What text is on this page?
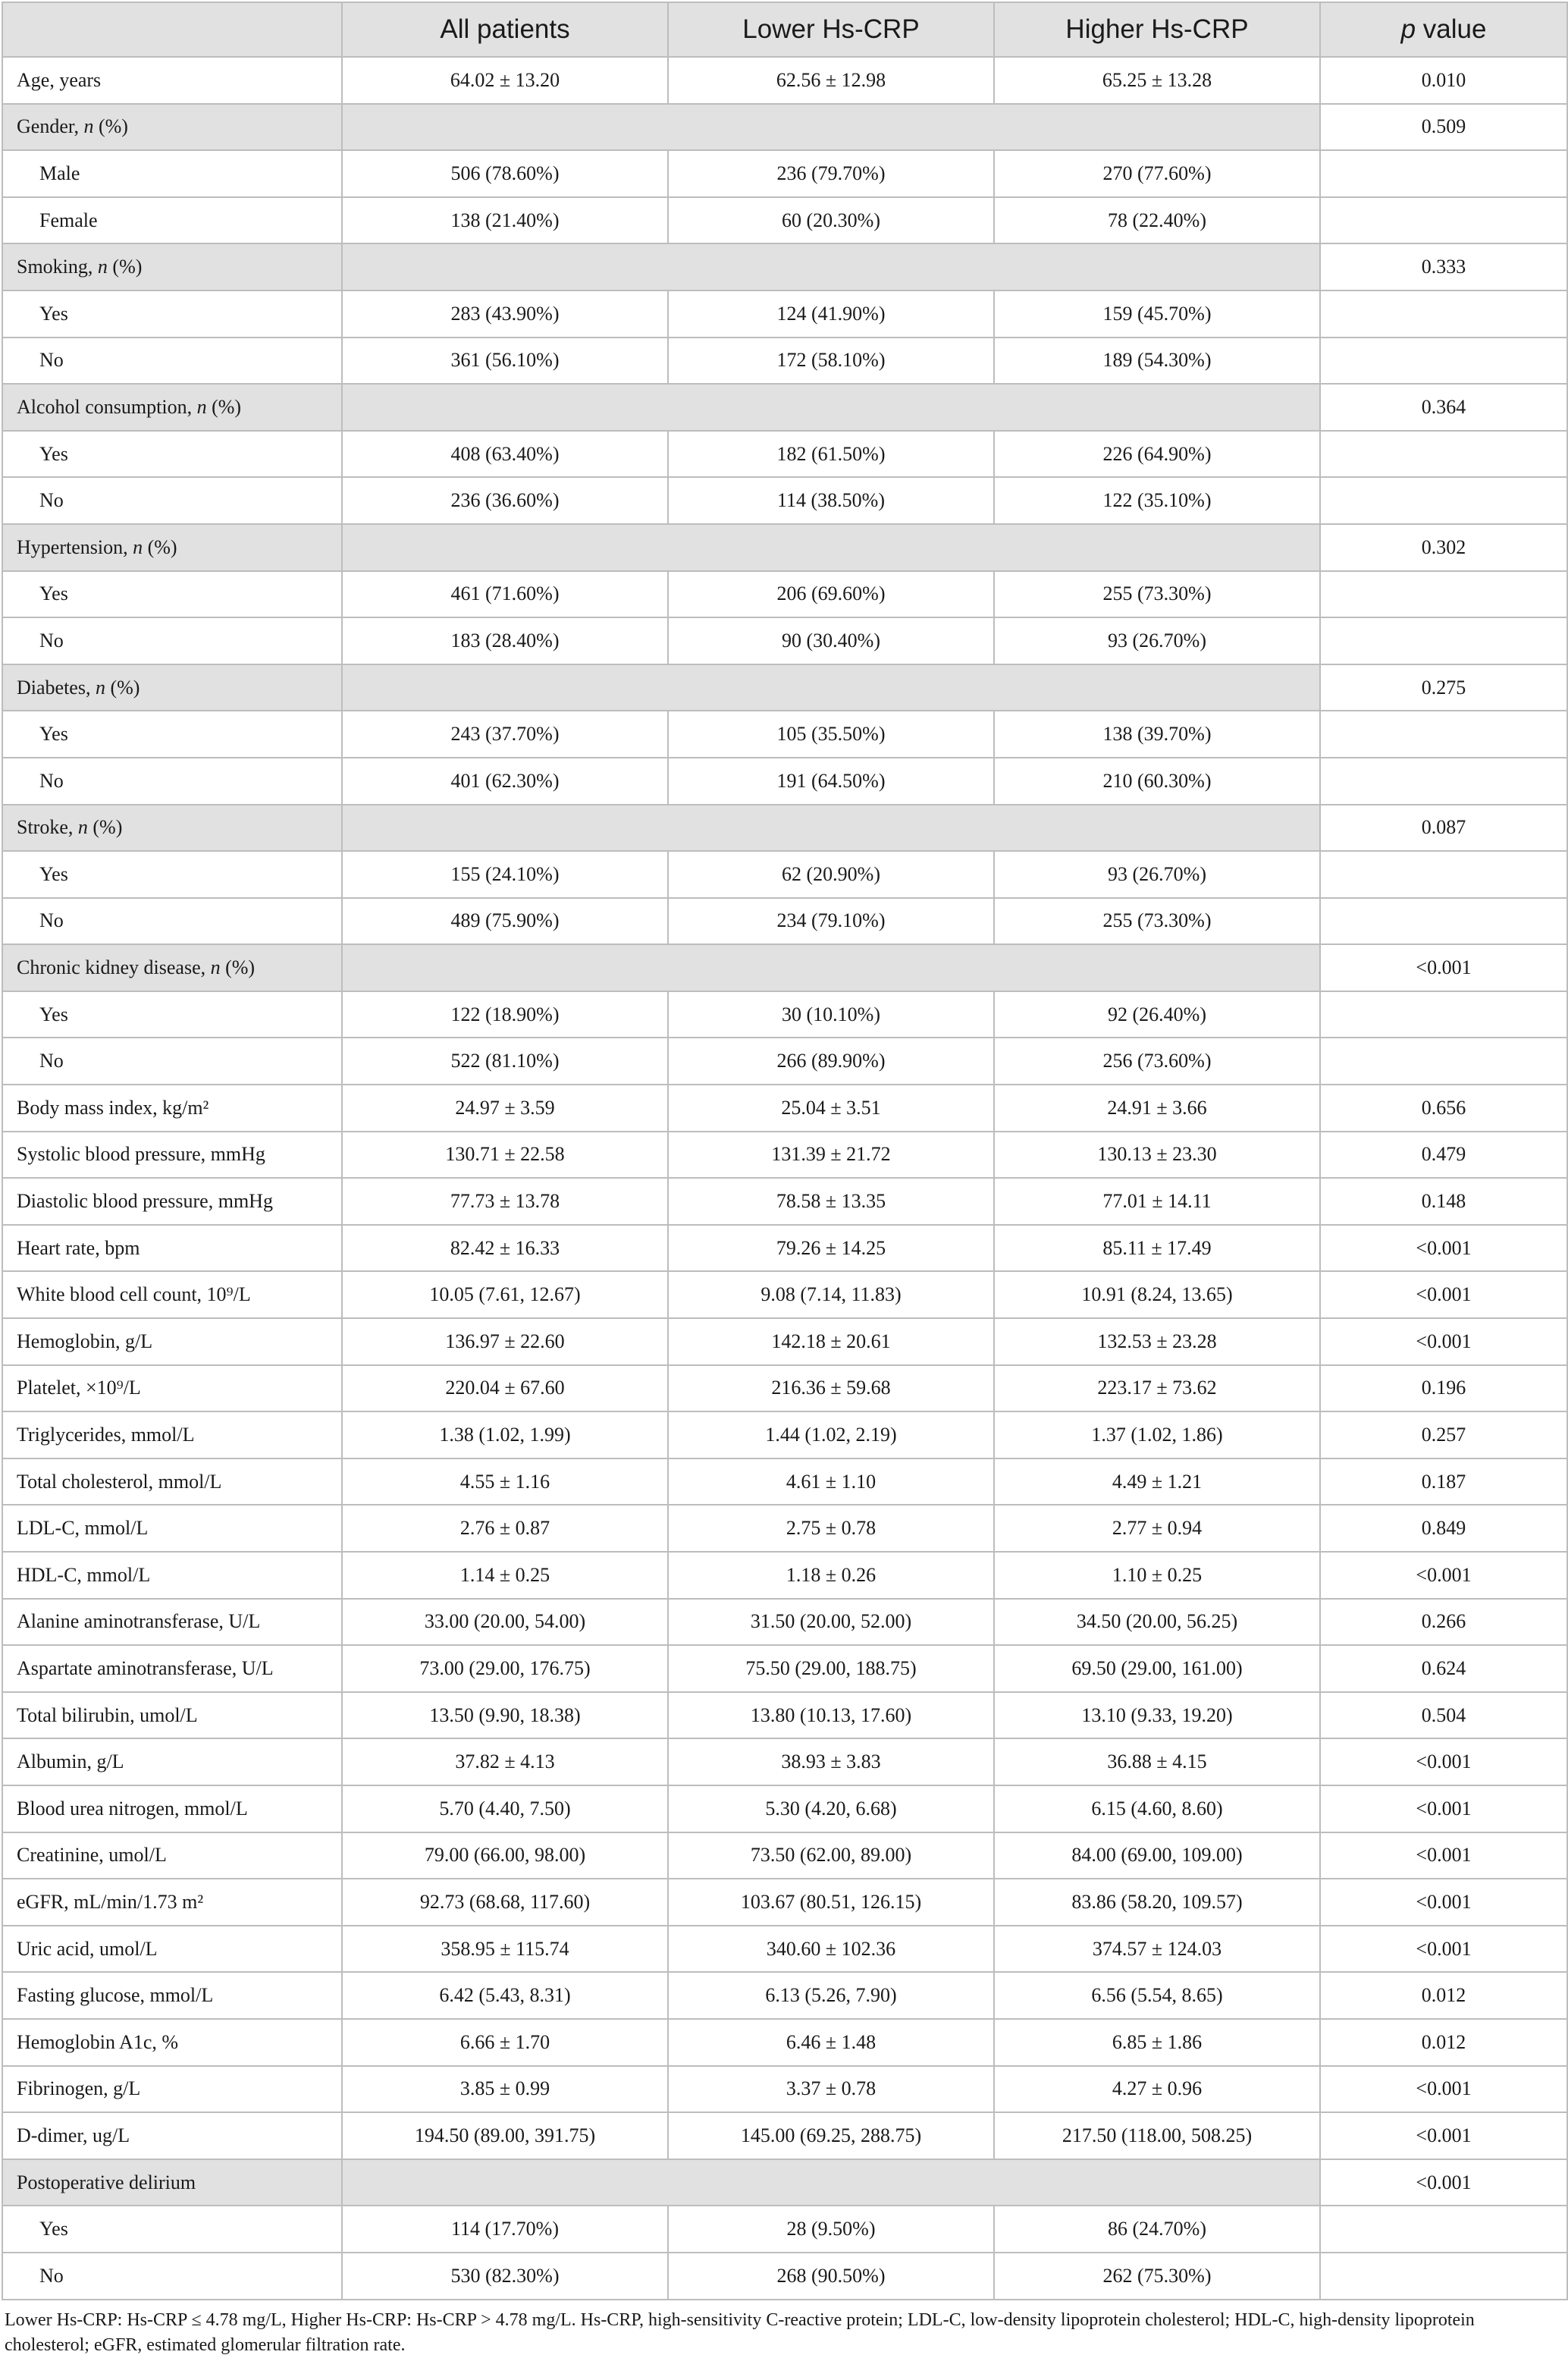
	All patients	Lower Hs-CRP	Higher Hs-CRP	p value
Age, years	64.02 ± 13.20	62.56 ± 12.98	65.25 ± 13.28	0.010
Gender, n (%)				0.509
Male	506 (78.60%)	236 (79.70%)	270 (77.60%)	
Female	138 (21.40%)	60 (20.30%)	78 (22.40%)	
Smoking, n (%)				0.333
Yes	283 (43.90%)	124 (41.90%)	159 (45.70%)	
No	361 (56.10%)	172 (58.10%)	189 (54.30%)	
Alcohol consumption, n (%)				0.364
Yes	408 (63.40%)	182 (61.50%)	226 (64.90%)	
No	236 (36.60%)	114 (38.50%)	122 (35.10%)	
Hypertension, n (%)				0.302
Yes	461 (71.60%)	206 (69.60%)	255 (73.30%)	
No	183 (28.40%)	90 (30.40%)	93 (26.70%)	
Diabetes, n (%)				0.275
Yes	243 (37.70%)	105 (35.50%)	138 (39.70%)	
No	401 (62.30%)	191 (64.50%)	210 (60.30%)	
Stroke, n (%)				0.087
Yes	155 (24.10%)	62 (20.90%)	93 (26.70%)	
No	489 (75.90%)	234 (79.10%)	255 (73.30%)	
Chronic kidney disease, n (%)				<0.001
Yes	122 (18.90%)	30 (10.10%)	92 (26.40%)	
No	522 (81.10%)	266 (89.90%)	256 (73.60%)	
Body mass index, kg/m²	24.97 ± 3.59	25.04 ± 3.51	24.91 ± 3.66	0.656
Systolic blood pressure, mmHg	130.71 ± 22.58	131.39 ± 21.72	130.13 ± 23.30	0.479
Diastolic blood pressure, mmHg	77.73 ± 13.78	78.58 ± 13.35	77.01 ± 14.11	0.148
Heart rate, bpm	82.42 ± 16.33	79.26 ± 14.25	85.11 ± 17.49	<0.001
White blood cell count, 10⁹/L	10.05 (7.61, 12.67)	9.08 (7.14, 11.83)	10.91 (8.24, 13.65)	<0.001
Hemoglobin, g/L	136.97 ± 22.60	142.18 ± 20.61	132.53 ± 23.28	<0.001
Platelet, ×10⁹/L	220.04 ± 67.60	216.36 ± 59.68	223.17 ± 73.62	0.196
Triglycerides, mmol/L	1.38 (1.02, 1.99)	1.44 (1.02, 2.19)	1.37 (1.02, 1.86)	0.257
Total cholesterol, mmol/L	4.55 ± 1.16	4.61 ± 1.10	4.49 ± 1.21	0.187
LDL-C, mmol/L	2.76 ± 0.87	2.75 ± 0.78	2.77 ± 0.94	0.849
HDL-C, mmol/L	1.14 ± 0.25	1.18 ± 0.26	1.10 ± 0.25	<0.001
Alanine aminotransferase, U/L	33.00 (20.00, 54.00)	31.50 (20.00, 52.00)	34.50 (20.00, 56.25)	0.266
Aspartate aminotransferase, U/L	73.00 (29.00, 176.75)	75.50 (29.00, 188.75)	69.50 (29.00, 161.00)	0.624
Total bilirubin, umol/L	13.50 (9.90, 18.38)	13.80 (10.13, 17.60)	13.10 (9.33, 19.20)	0.504
Albumin, g/L	37.82 ± 4.13	38.93 ± 3.83	36.88 ± 4.15	<0.001
Blood urea nitrogen, mmol/L	5.70 (4.40, 7.50)	5.30 (4.20, 6.68)	6.15 (4.60, 8.60)	<0.001
Creatinine, umol/L	79.00 (66.00, 98.00)	73.50 (62.00, 89.00)	84.00 (69.00, 109.00)	<0.001
eGFR, mL/min/1.73 m²	92.73 (68.68, 117.60)	103.67 (80.51, 126.15)	83.86 (58.20, 109.57)	<0.001
Uric acid, umol/L	358.95 ± 115.74	340.60 ± 102.36	374.57 ± 124.03	<0.001
Fasting glucose, mmol/L	6.42 (5.43, 8.31)	6.13 (5.26, 7.90)	6.56 (5.54, 8.65)	0.012
Hemoglobin A1c, %	6.66 ± 1.70	6.46 ± 1.48	6.85 ± 1.86	0.012
Fibrinogen, g/L	3.85 ± 0.99	3.37 ± 0.78	4.27 ± 0.96	<0.001
D-dimer, ug/L	194.50 (89.00, 391.75)	145.00 (69.25, 288.75)	217.50 (118.00, 508.25)	<0.001
Postoperative delirium				<0.001
Yes	114 (17.70%)	28 (9.50%)	86 (24.70%)	
No	530 (82.30%)	268 (90.50%)	262 (75.30%)	
Lower Hs-CRP: Hs-CRP ≤ 4.78 mg/L, Higher Hs-CRP: Hs-CRP > 4.78 mg/L. Hs-CRP, high-sensitivity C-reactive protein; LDL-C, low-density lipoprotein cholesterol; HDL-C, high-density lipoprotein cholesterol; eGFR, estimated glomerular filtration rate.
